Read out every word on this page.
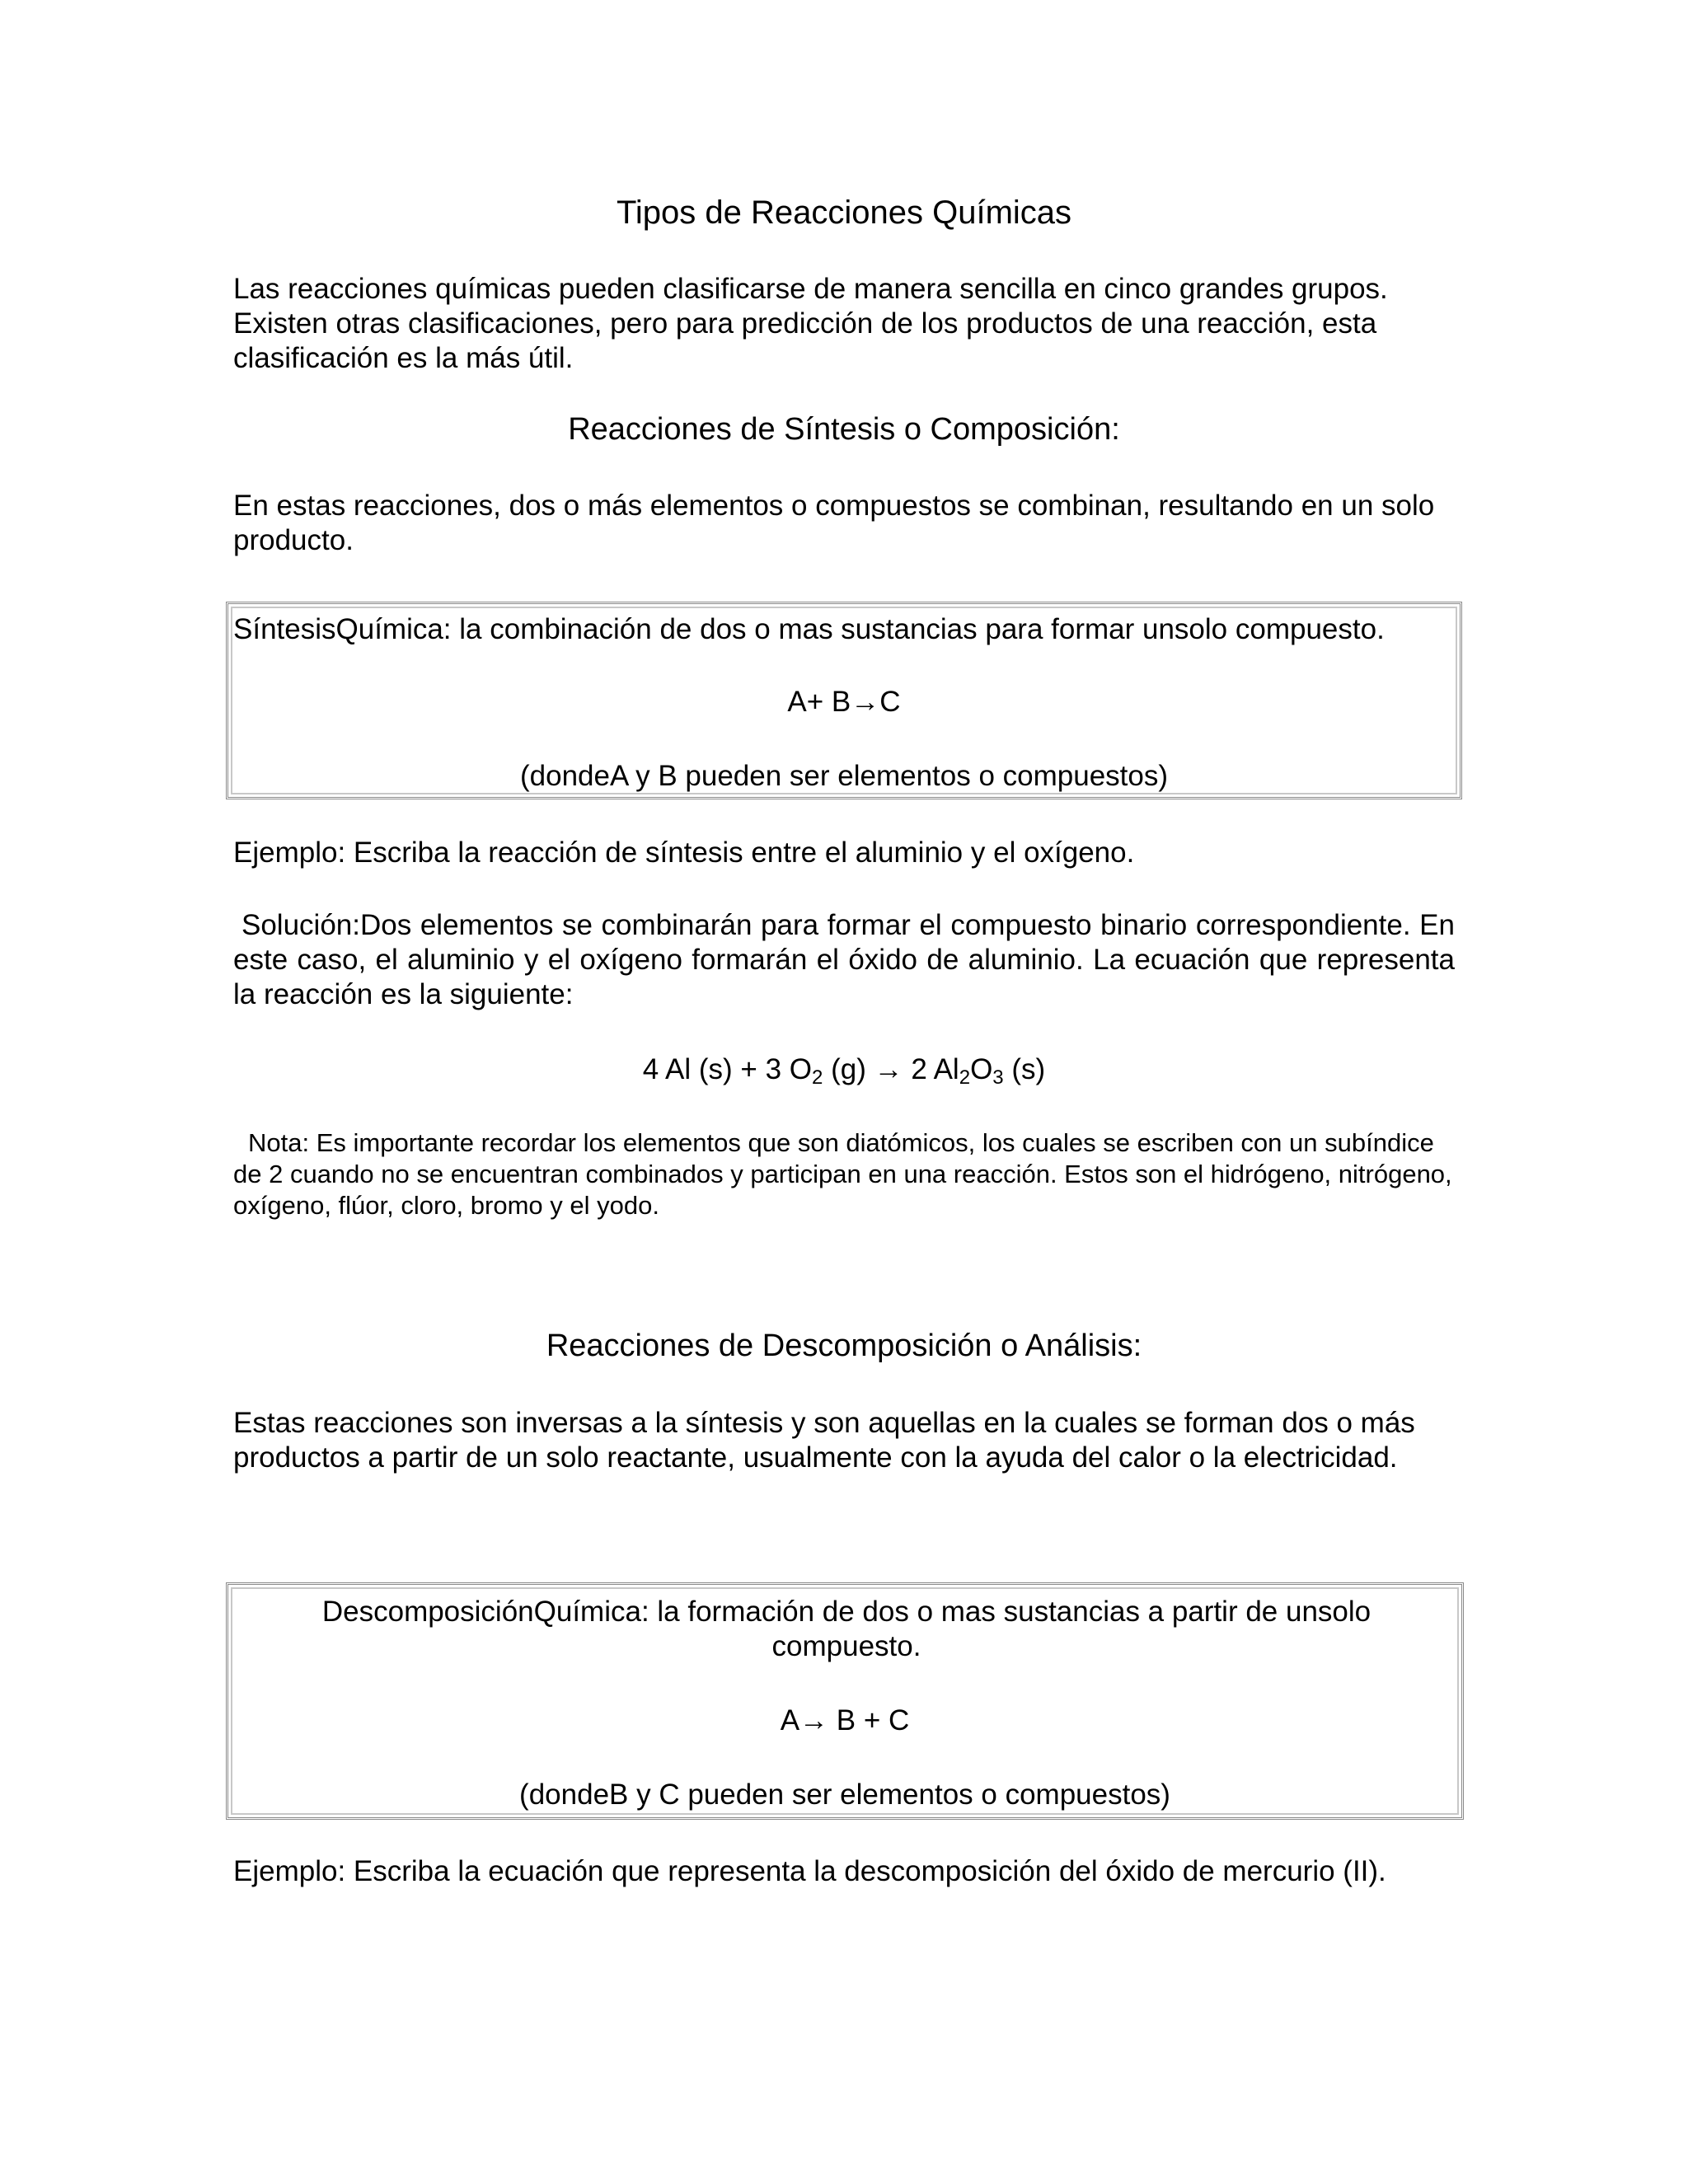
Tipos de Reacciones Químicas
Las reacciones químicas pueden clasificarse de manera sencilla en cinco grandes grupos. Existen otras clasificaciones, pero para predicción de los productos de una reacción, esta clasificación es la más útil.
Reacciones de Síntesis o Composición:
En estas reacciones, dos o más elementos o compuestos se combinan, resultando en un solo producto.
SíntesisQuímica: la combinación de dos o mas sustancias para formar unsolo compuesto.
A+ B→C
(dondeA y B pueden ser elementos o compuestos)
Ejemplo: Escriba la reacción de síntesis entre el aluminio y el oxígeno.
Solución:Dos elementos se combinarán para formar el compuesto binario correspondiente. En este caso, el aluminio y el oxígeno formarán el óxido de aluminio. La ecuación que representa la reacción es la siguiente:
4 Al (s) + 3 $O_2$ (g) → 2 $Al_2O_3$ (s)
Nota: Es importante recordar los elementos que son diatómicos, los cuales se escriben con un subíndice de 2 cuando no se encuentran combinados y participan en una reacción. Estos son el hidrógeno, nitrógeno, oxígeno, flúor, cloro, bromo y el yodo.
Reacciones de Descomposición o Análisis:
Estas reacciones son inversas a la síntesis y son aquellas en la cuales se forman dos o más productos a partir de un solo reactante, usualmente con la ayuda del calor o la electricidad.
DescomposiciónQuímica: la formación de dos o mas sustancias a partir de unsolo compuesto.
A→ B + C
(dondeB y C pueden ser elementos o compuestos)
Ejemplo: Escriba la ecuación que representa la descomposición del óxido de mercurio (II).
